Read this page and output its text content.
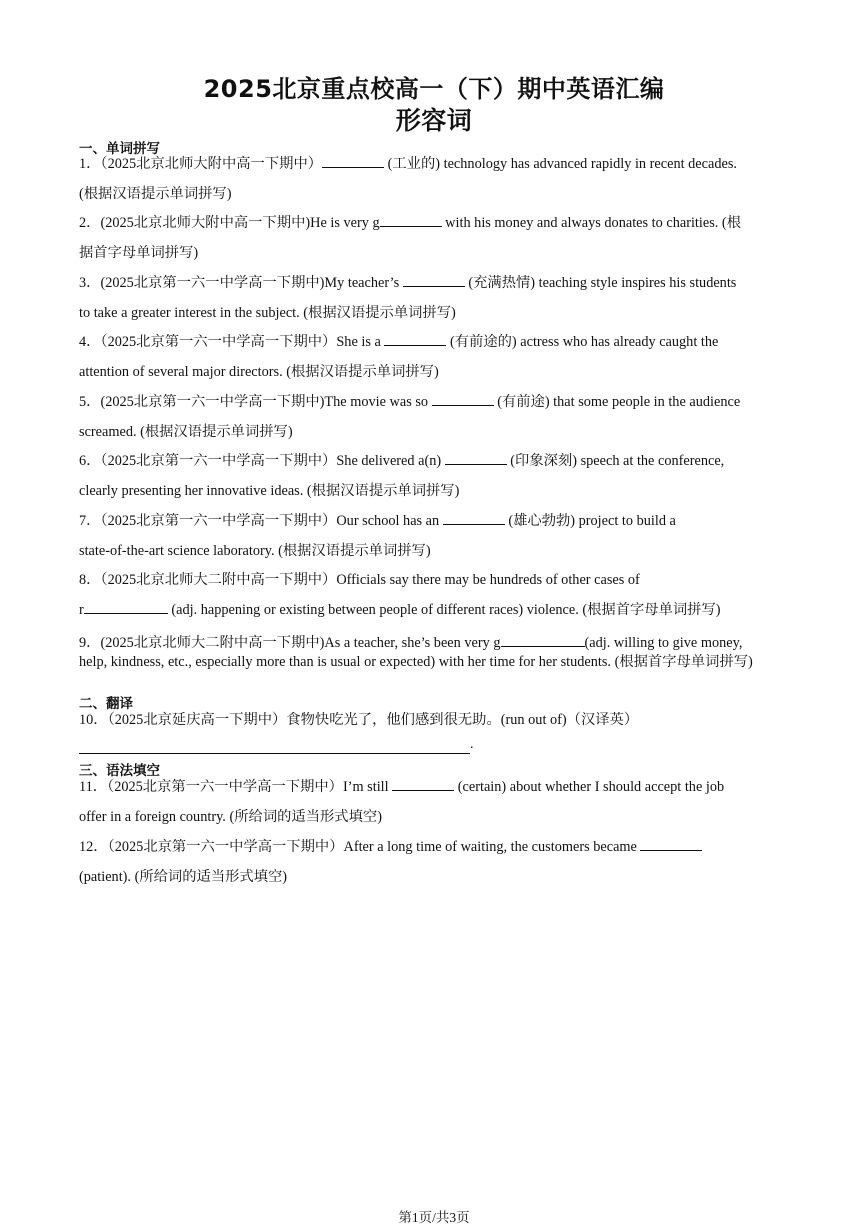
2025北京重点校高一（下）期中英语汇编
形容词
一、单词拼写
1．（2025北京北师大附中高一下期中）	(工业的) technology has advanced rapidly in recent decades.
(根据汉语提示单词拼写)
2．(2025北京北师大附中高一下期中)He is very g	with his money and always donates to charities. (根
据首字母单词拼写)
3．(2025北京第一六一中学高一下期中)My teacher’s	(充满热情) teaching style inspires his students
to take a greater interest in the subject. (根据汉语提示单词拼写)
4．（2025北京第一六一中学高一下期中）She is a	(有前途的) actress who has already caught the
attention of several major directors. (根据汉语提示单词拼写)
5．(2025北京第一六一中学高一下期中)The movie was so	(有前途) that some people in the audience
screamed. (根据汉语提示单词拼写)
6．（2025北京第一六一中学高一下期中）She delivered a(n)	(印象深刻) speech at the conference,
clearly presenting her innovative ideas. (根据汉语提示单词拼写)
7．（2025北京第一六一中学高一下期中）Our school has an	(雄心勃勃) project to build a
state-of-the-art science laboratory. (根据汉语提示单词拼写)
8．（2025北京北师大二附中高一下期中）Officials say there may be hundreds of other cases of
r	(adj. happening or existing between people of different races) violence. (根据首字母单词拼写)
9．(2025北京北师大二附中高一下期中)As a teacher, she’s been very g	(adj. willing to give money,
help, kindness, etc., especially more than is usual or expected) with her time for her students. (根据首字母单词拼写)
二、翻译
10．（2025北京延庆高一下期中）食物快吃光了，他们感到很无助。(run out of)（汉译英）
.
三、语法填空
11．（2025北京第一六一中学高一下期中）I’m still	(certain) about whether I should accept the job
offer in a foreign country. (所给词的适当形式填空)
12．（2025北京第一六一中学高一下期中）After a long time of waiting, the customers became
(patient). (所给词的适当形式填空)
第1页/共3页
